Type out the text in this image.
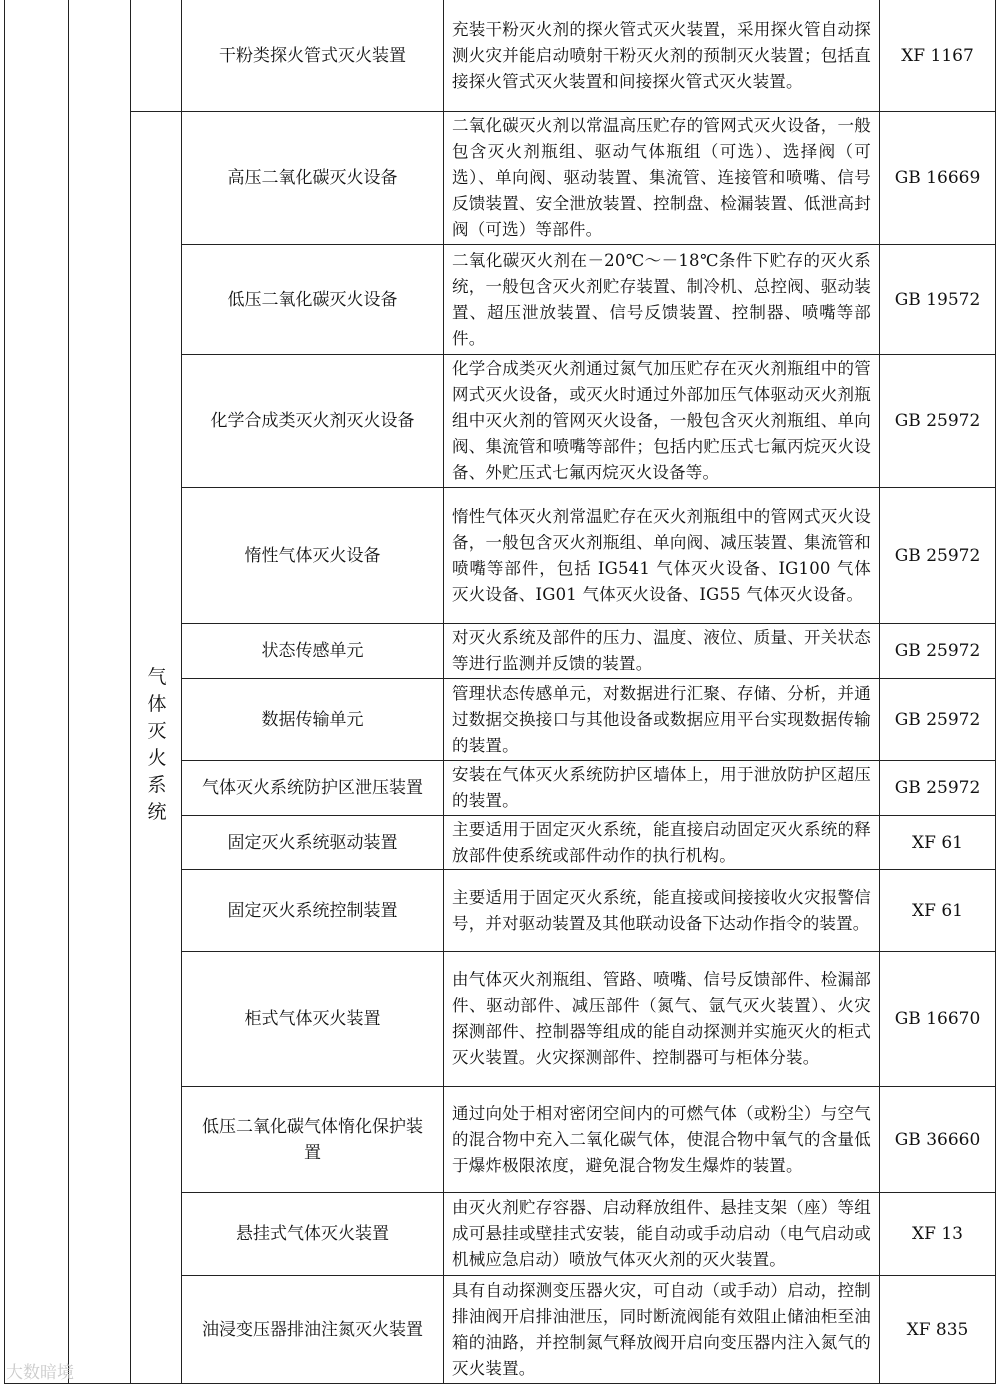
气
体
灭
火
系
统
干粉类探火管式灭火装置
充装干粉灭火剂的探火管式灭火装置，采用探火管自动探测火灾并能启动喷射干粉灭火剂的预制灭火装置；包括直接探火管式灭火装置和间接探火管式灭火装置。
XF 1167
高压二氧化碳灭火设备
二氧化碳灭火剂以常温高压贮存的管网式灭火设备，一般包含灭火剂瓶组、驱动气体瓶组（可选）、选择阀（可选）、单向阀、驱动装置、集流管、连接管和喷嘴、信号反馈装置、安全泄放装置、控制盘、检漏装置、低泄高封阀（可选）等部件。
GB 16669
低压二氧化碳灭火设备
二氧化碳灭火剂在－20℃～－18℃条件下贮存的灭火系统，一般包含灭火剂贮存装置、制冷机、总控阀、驱动装置、超压泄放装置、信号反馈装置、控制器、喷嘴等部件。
GB 19572
化学合成类灭火剂灭火设备
化学合成类灭火剂通过氮气加压贮存在灭火剂瓶组中的管网式灭火设备，或灭火时通过外部加压气体驱动灭火剂瓶组中灭火剂的管网灭火设备，一般包含灭火剂瓶组、单向阀、集流管和喷嘴等部件；包括内贮压式七氟丙烷灭火设备、外贮压式七氟丙烷灭火设备等。
GB 25972
惰性气体灭火设备
惰性气体灭火剂常温贮存在灭火剂瓶组中的管网式灭火设备，一般包含灭火剂瓶组、单向阀、减压装置、集流管和喷嘴等部件，包括 IG541 气体灭火设备、IG100 气体灭火设备、IG01 气体灭火设备、IG55 气体灭火设备。
GB 25972
状态传感单元
对灭火系统及部件的压力、温度、液位、质量、开关状态等进行监测并反馈的装置。
GB 25972
数据传输单元
管理状态传感单元，对数据进行汇聚、存储、分析，并通过数据交换接口与其他设备或数据应用平台实现数据传输的装置。
GB 25972
气体灭火系统防护区泄压装置
安装在气体灭火系统防护区墙体上，用于泄放防护区超压的装置。
GB 25972
固定灭火系统驱动装置
主要适用于固定灭火系统，能直接启动固定灭火系统的释放部件使系统或部件动作的执行机构。
XF 61
固定灭火系统控制装置
主要适用于固定灭火系统，能直接或间接接收火灾报警信号，并对驱动装置及其他联动设备下达动作指令的装置。
XF 61
柜式气体灭火装置
由气体灭火剂瓶组、管路、喷嘴、信号反馈部件、检漏部件、驱动部件、减压部件（氮气、氩气灭火装置）、火灾探测部件、控制器等组成的能自动探测并实施灭火的柜式灭火装置。火灾探测部件、控制器可与柜体分装。
GB 16670
低压二氧化碳气体惰化保护装置
通过向处于相对密闭空间内的可燃气体（或粉尘）与空气的混合物中充入二氧化碳气体，使混合物中氧气的含量低于爆炸极限浓度，避免混合物发生爆炸的装置。
GB 36660
悬挂式气体灭火装置
由灭火剂贮存容器、启动释放组件、悬挂支架（座）等组成可悬挂或壁挂式安装，能自动或手动启动（电气启动或机械应急启动）喷放气体灭火剂的灭火装置。
XF 13
油浸变压器排油注氮灭火装置
具有自动探测变压器火灾，可自动（或手动）启动，控制排油阀开启排油泄压，同时断流阀能有效阻止储油柜至油箱的油路，并控制氮气释放阀开启向变压器内注入氮气的灭火装置。
XF 835
大数暗境
